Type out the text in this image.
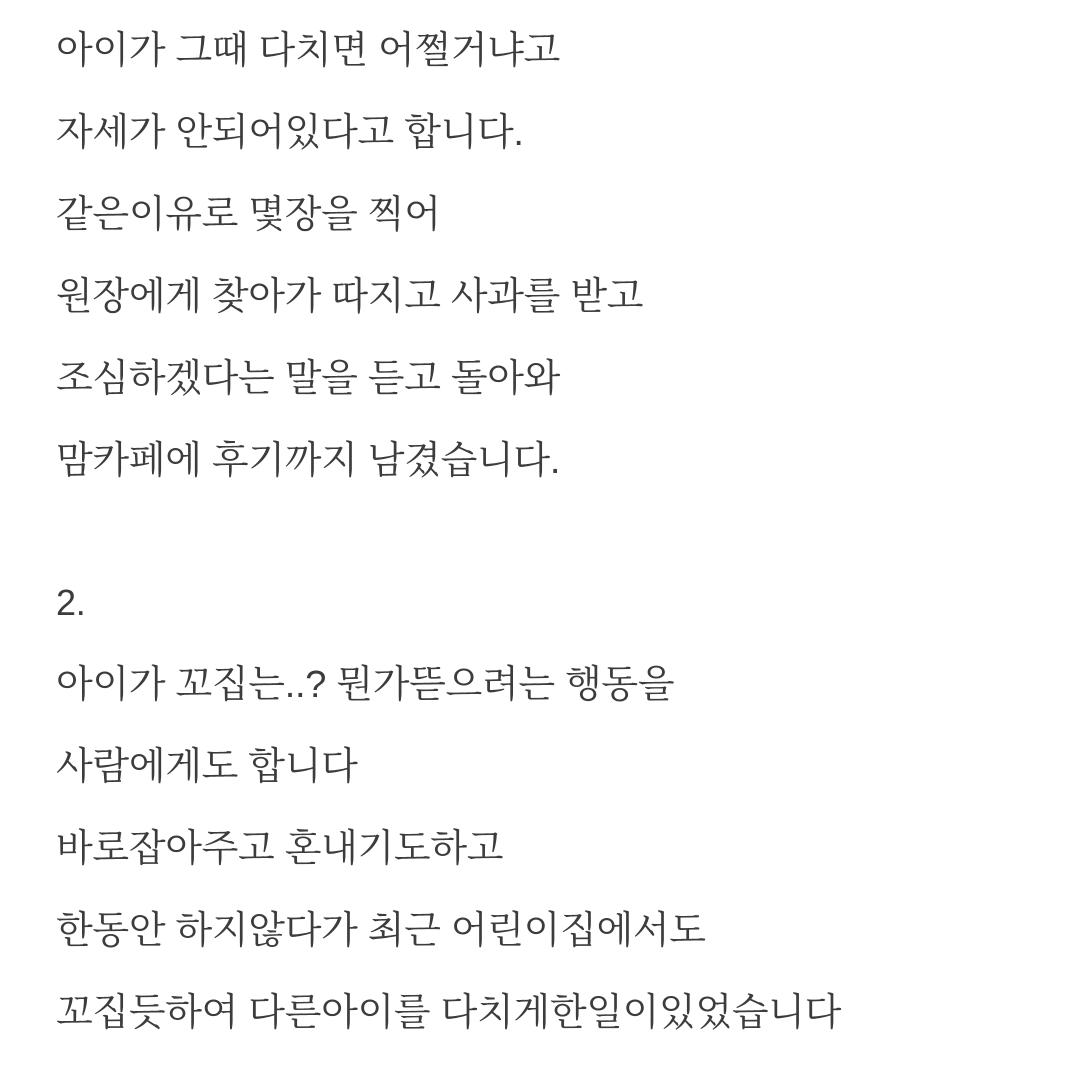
아이가 그때 다치면 어쩔거냐고
자세가 안되어있다고 합니다.
같은이유로 몇장을 찍어
원장에게 찾아가 따지고 사과를 받고
조심하겠다는 말을 듣고 돌아와
맘카페에 후기까지 남겼습니다.
2.
아이가 꼬집는..? 뭔가뜯으려는 행동을
사람에게도 합니다
바로잡아주고 혼내기도하고
한동안 하지않다가 최근 어린이집에서도
꼬집듯하여 다른아이를 다치게한일이있었습니다
